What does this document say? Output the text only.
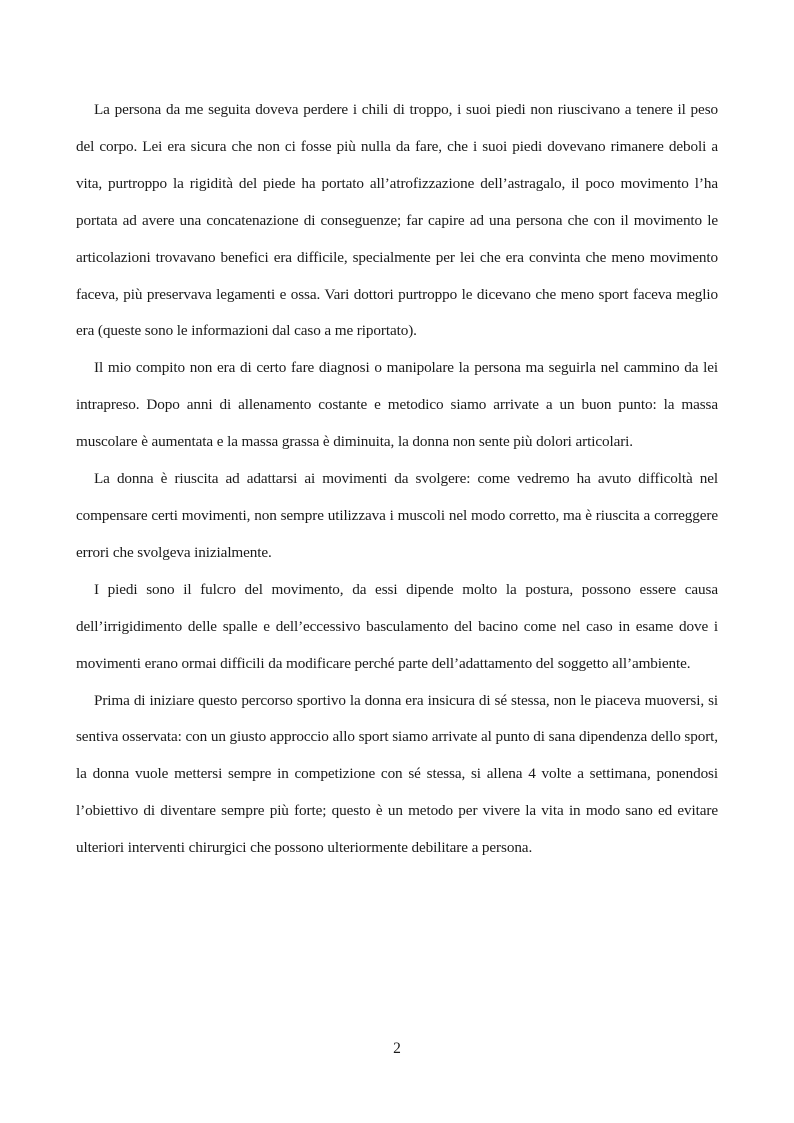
La persona da me seguita doveva perdere i chili di troppo, i suoi piedi non riuscivano a tenere il peso del corpo. Lei era sicura che non ci fosse più nulla da fare, che i suoi piedi dovevano rimanere deboli a vita, purtroppo la rigidità del piede ha portato all’atrofizzazione dell’astragalo, il poco movimento l’ha portata ad avere una concatenazione di conseguenze; far capire ad una persona che con il movimento le articolazioni trovavano benefici era difficile, specialmente per lei che era convinta che meno movimento faceva, più preservava legamenti e ossa. Vari dottori purtroppo le dicevano che meno sport faceva meglio era (queste sono le informazioni dal caso a me riportato).

Il mio compito non era di certo fare diagnosi o manipolare la persona ma seguirla nel cammino da lei intrapreso. Dopo anni di allenamento costante e metodico siamo arrivate a un buon punto: la massa muscolare è aumentata e la massa grassa è diminuita, la donna non sente più dolori articolari.

La donna è riuscita ad adattarsi ai movimenti da svolgere: come vedremo ha avuto difficoltà nel compensare certi movimenti, non sempre utilizzava i muscoli nel modo corretto, ma è riuscita a correggere errori che svolgeva inizialmente.

I piedi sono il fulcro del movimento, da essi dipende molto la postura, possono essere causa dell’irrigidimento delle spalle e dell’eccessivo basculamento del bacino come nel caso in esame dove i movimenti erano ormai difficili da modificare perché parte dell’adattamento del soggetto all’ambiente.

Prima di iniziare questo percorso sportivo la donna era insicura di sé stessa, non le piaceva muoversi, si sentiva osservata: con un giusto approccio allo sport siamo arrivate al punto di sana dipendenza dello sport, la donna vuole mettersi sempre in competizione con sé stessa, si allena 4 volte a settimana, ponendosi l’obiettivo di diventare sempre più forte; questo è un metodo per vivere la vita in modo sano ed evitare ulteriori interventi chirurgici che possono ulteriormente debilitare a persona.

2
